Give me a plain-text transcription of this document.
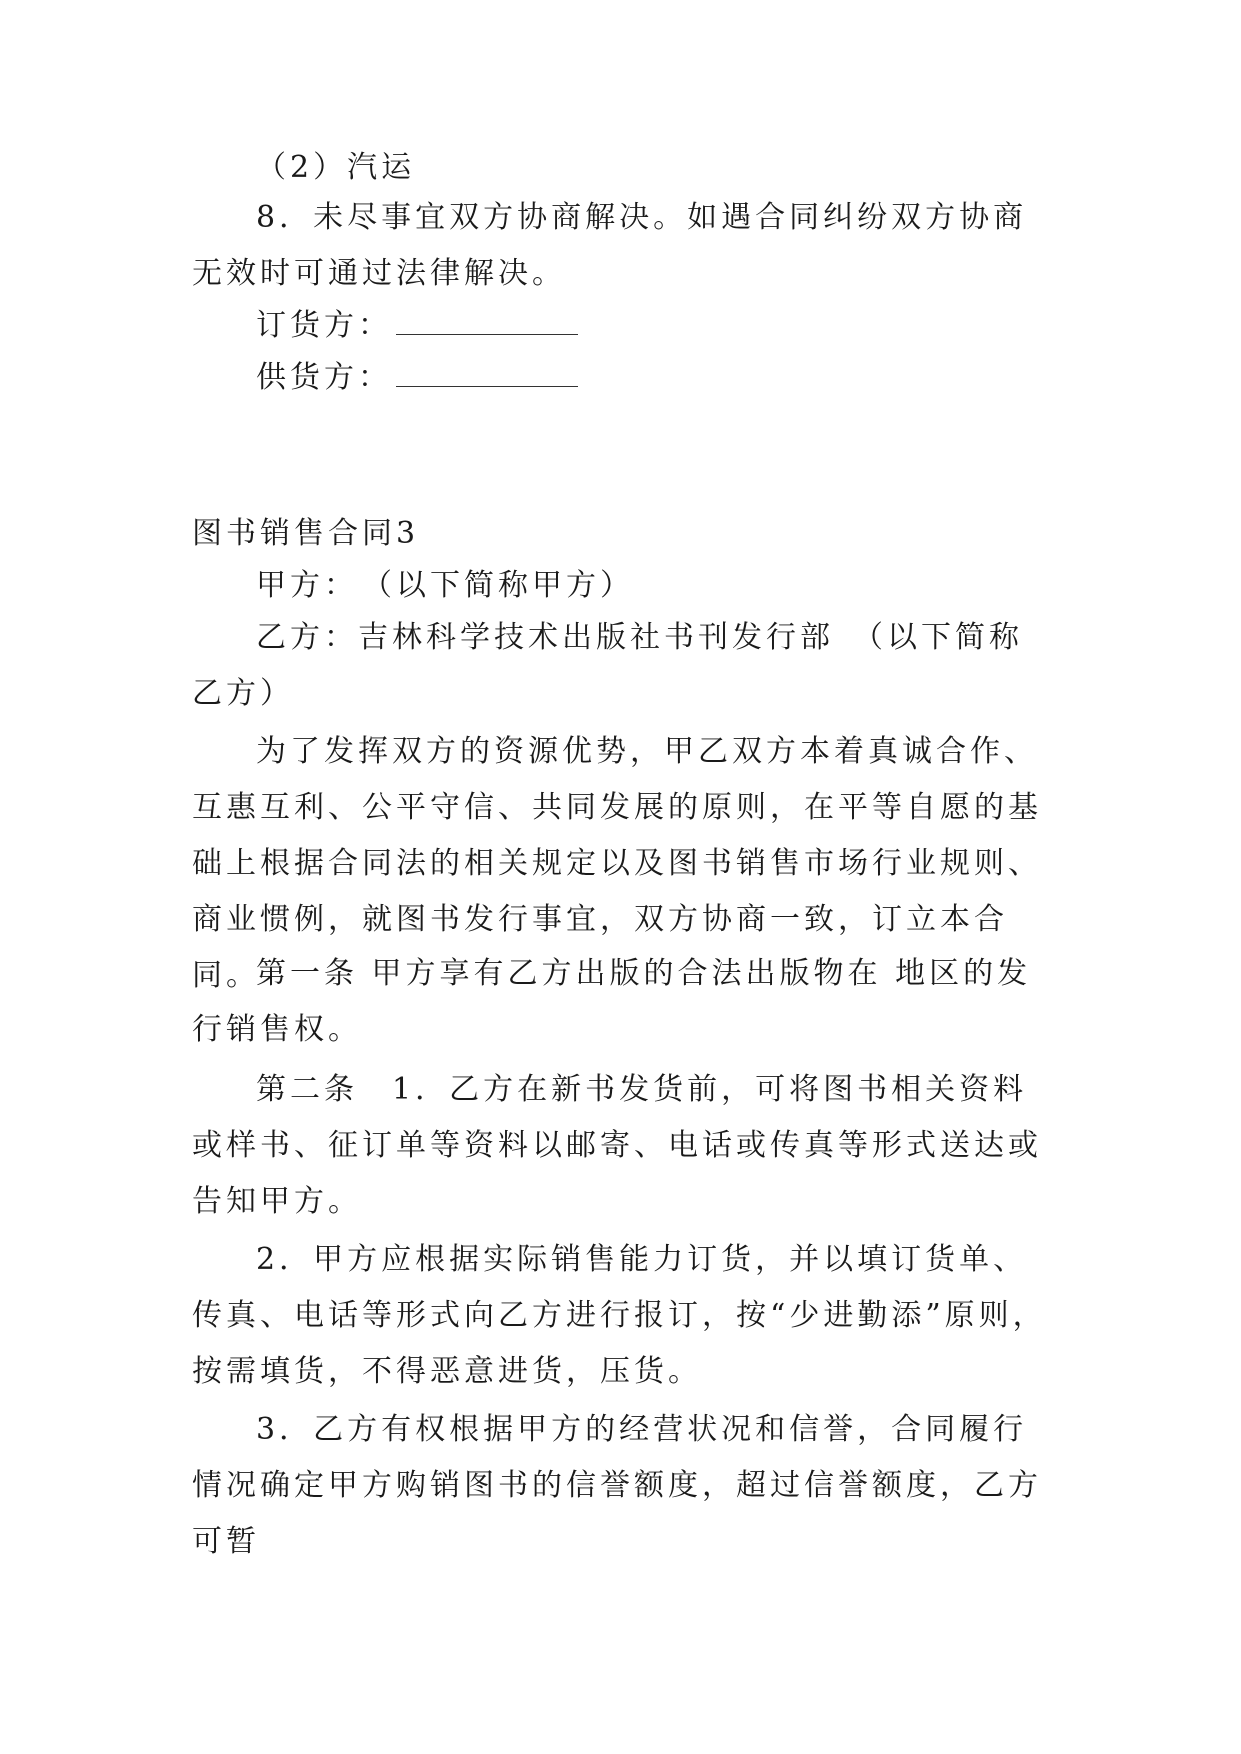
（2）汽运
8．未尽事宜双方协商解决。如遇合同纠纷双方协商无效时可通过法律解决。
订货方：
供货方：
图书销售合同3
甲方：　（以下简称甲方）
乙方：吉林科学技术出版社书刊发行部　（以下简称乙方）
为了发挥双方的资源优势，甲乙双方本着真诚合作、互惠互利、公平守信、共同发展的原则，在平等自愿的基础上根据合同法的相关规定以及图书销售市场行业规则、商业惯例，就图书发行事宜，双方协商一致，订立本合同。
第一条 甲方享有乙方出版的合法出版物在 地区的发行销售权。
第二条　1．乙方在新书发货前，可将图书相关资料或样书、征订单等资料以邮寄、电话或传真等形式送达或告知甲方。
2．甲方应根据实际销售能力订货，并以填订货单、传真、电话等形式向乙方进行报订，按“少进勤添”原则，按需填货，不得恶意进货，压货。
3．乙方有权根据甲方的经营状况和信誉，合同履行情况确定甲方购销图书的信誉额度，超过信誉额度，乙方可暂
